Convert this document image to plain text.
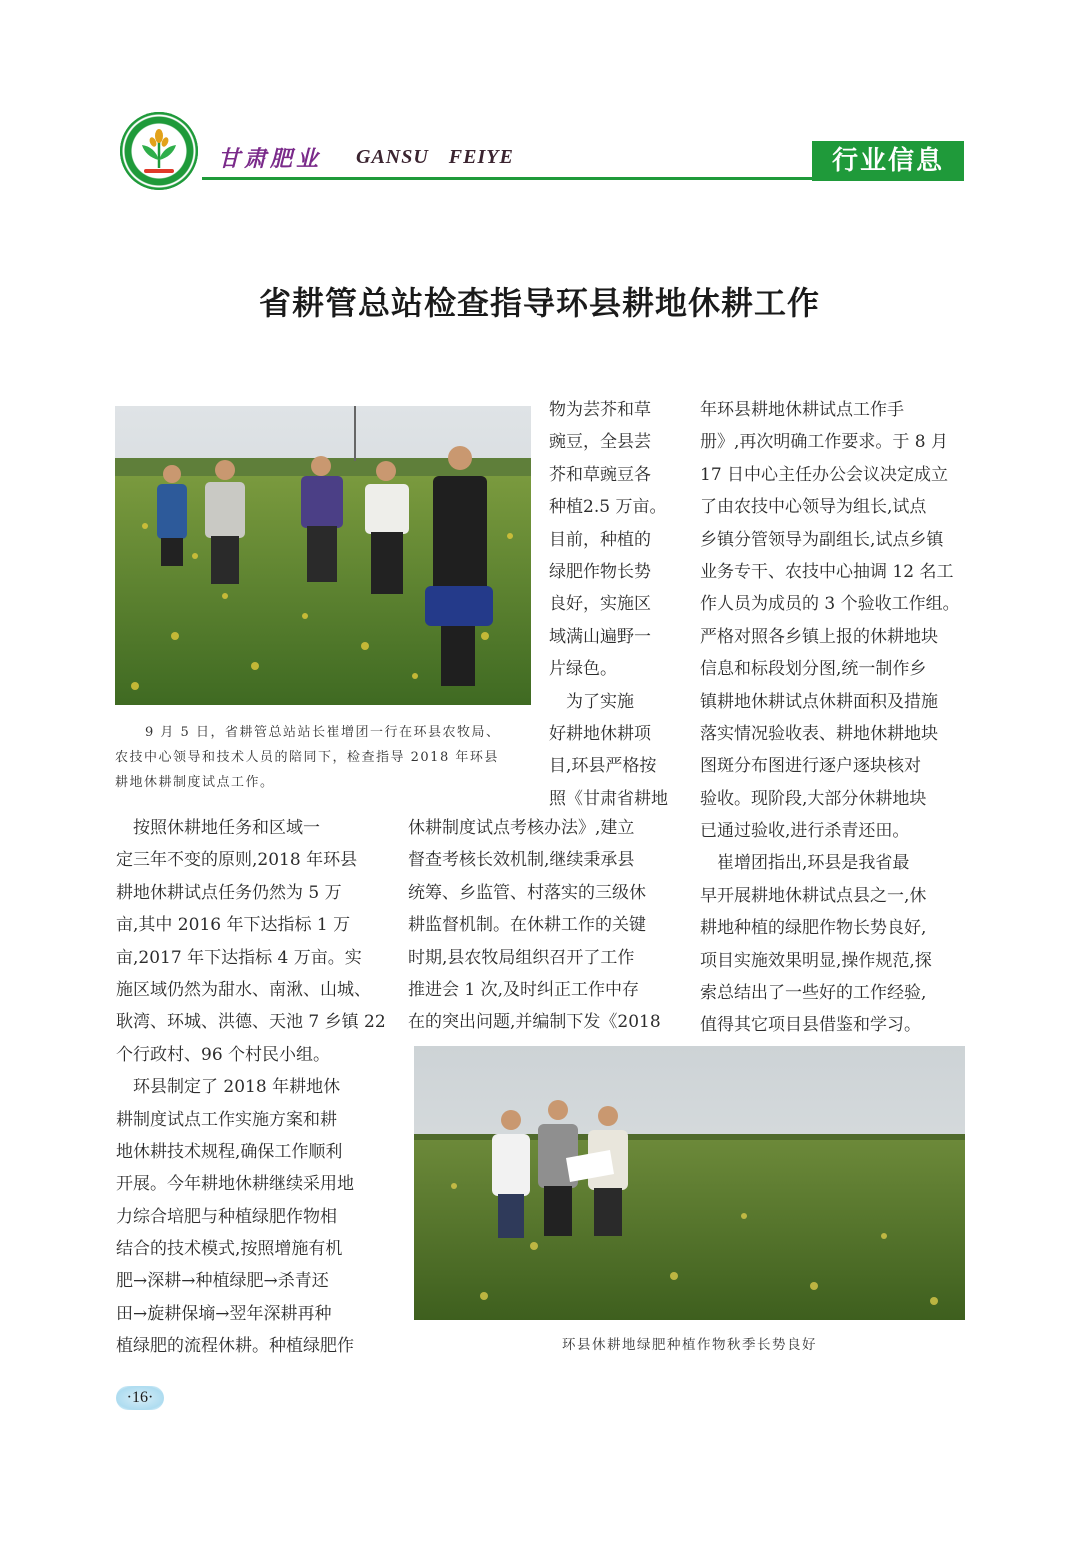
甘肃肥业 GANSU FEIYE	行业信息
省耕管总站检查指导环县耕地休耕工作
9 月 5 日，省耕管总站站长崔增团一行在环县农牧局、
农技中心领导和技术人员的陪同下，检查指导 2018 年环县
耕地休耕制度试点工作。
物为芸芥和草
豌豆，全县芸
芥和草豌豆各
种植2.5 万亩。
目前，种植的
绿肥作物长势
良好，实施区
域满山遍野一
片绿色。
　为了实施
好耕地休耕项
目,环县严格按
照《甘肃省耕地
年环县耕地休耕试点工作手
册》,再次明确工作要求。于 8 月
17 日中心主任办公会议决定成立
了由农技中心领导为组长,试点
乡镇分管领导为副组长,试点乡镇
业务专干、农技中心抽调 12 名工
作人员为成员的 3 个验收工作组。
严格对照各乡镇上报的休耕地块
信息和标段划分图,统一制作乡
镇耕地休耕试点休耕面积及措施
落实情况验收表、耕地休耕地块
图斑分布图进行逐户逐块核对
验收。现阶段,大部分休耕地块
已通过验收,进行杀青还田。
　崔增团指出,环县是我省最
早开展耕地休耕试点县之一,休
耕地种植的绿肥作物长势良好,
项目实施效果明显,操作规范,探
索总结出了一些好的工作经验,
值得其它项目县借鉴和学习。
　按照休耕地任务和区域一
定三年不变的原则,2018 年环县
耕地休耕试点任务仍然为 5 万
亩,其中 2016 年下达指标 1 万
亩,2017 年下达指标 4 万亩。实
施区域仍然为甜水、南湫、山城、
耿湾、环城、洪德、天池 7 乡镇 22
个行政村、96 个村民小组。
　环县制定了 2018 年耕地休
耕制度试点工作实施方案和耕
地休耕技术规程,确保工作顺利
开展。今年耕地休耕继续采用地
力综合培肥与种植绿肥作物相
结合的技术模式,按照增施有机
肥→深耕→种植绿肥→杀青还
田→旋耕保墒→翌年深耕再种
植绿肥的流程休耕。种植绿肥作
休耕制度试点考核办法》,建立
督查考核长效机制,继续秉承县
统筹、乡监管、村落实的三级休
耕监督机制。在休耕工作的关键
时期,县农牧局组织召开了工作
推进会 1 次,及时纠正工作中存
在的突出问题,并编制下发《2018
环县休耕地绿肥种植作物秋季长势良好
·16·
